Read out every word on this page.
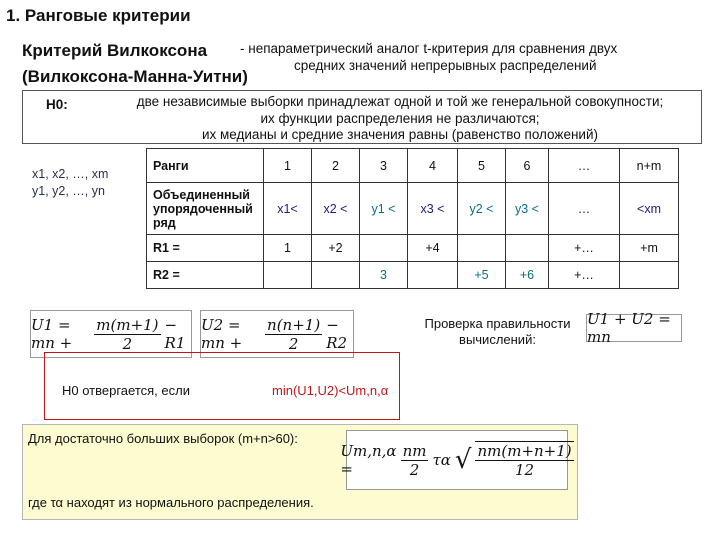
1. Ранговые критерии
Критерий Вилкоксона
(Вилкоксона-Манна-Уитни)
- непараметрический аналог t-критерия для сравнения двух
средних значений непрерывных распределений
Н0:	две независимые выборки принадлежат одной и той же генеральной совокупности;
их функции распределения не различаются;
их медианы и средние значения равны (равенство положений)
x1, x2, …, xm
y1, y2, …, yn
Ранги	1	2	3	4	5	6	…	n+m
Объединенный упорядоченный ряд	x1<	x2 <	y1 <	x3 <	y2 <	y3 <	…	<xm
R1 =	1	+2		+4			+…	+m
R2 =			3		+5	+6	+…	
U1 = mn +	$\frac{m(m+1)}{2} - R1$
U2 = mn +	$\frac{n(n+1)}{2} - R2$
Проверка правильности вычислений:
U1 + U2 = mn
Н0 отвергается, если	min(U1,U2)<Um,n,α
Для достаточно больших выборок (m+n>60):
где τα находят из нормального распределения.
Um,n,α =	$\frac{nm}{2}$ τα √ $\frac{nm(m+n+1)}{12}$
